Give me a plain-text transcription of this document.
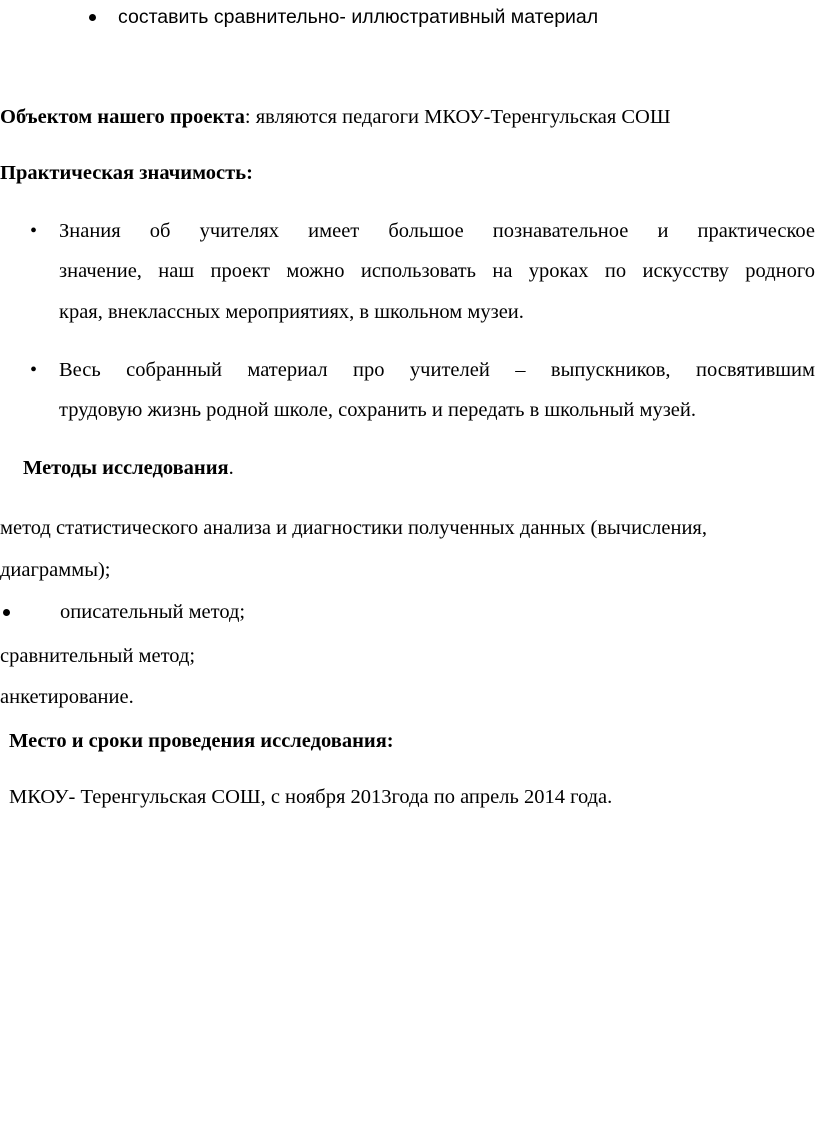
составить сравнительно- иллюстративный материал
Объектом нашего проекта: являются педагоги МКОУ-Теренгульская СОШ
Практическая значимость:
• Знания об учителях имеет большое познавательное и практическое
значение, наш проект можно использовать на уроках по искусству родного
края, внеклассных мероприятиях, в школьном музеи.
• Весь собранный материал про учителей – выпускников, посвятившим
трудовую жизнь родной школе, сохранить и передать в школьный музей.
Методы исследования.
метод статистического анализа и диагностики полученных данных (вычисления,
диаграммы);
описательный метод;
сравнительный метод;
анкетирование.
Место и сроки проведения исследования:
МКОУ- Теренгульская СОШ, с ноября 2013года по апрель 2014 года.
